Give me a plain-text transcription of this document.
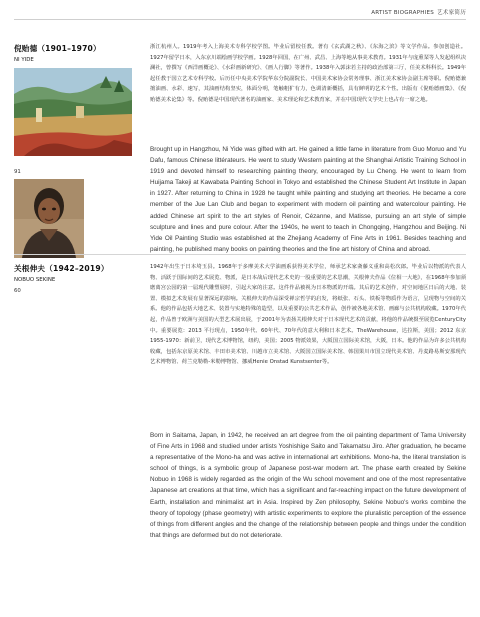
ARTIST BIOGRAPHIES 艺术家简历
倪贻德（1901–1970）
NI YIDE
91
浙江杭州人。1919年考入上海美术专科学校学图。毕业后留校任教。著有《玄武湖之秋》、《东海之滨》等文学作品。参加创造社。1927年留学日本，入东京川端绘画学校学画。1928年回国，在广州、武昌、上海等地从事美术教育。1931年与庞熏琹等人发起组织决澜社，曾撰写《西洋画概论》、《水彩画新研究》、《画人行脚》等著作。1938年入郭沫若主持的政治部第三厅，任美术科科长。1949年起任教于国立艺术专科学校。后历任中央美术学院华东分院副院长、中国美术家协会常务理事、浙江美术家协会副主席等职。倪贻德兼擅油画、水彩、速写，其油画结构坚实，体面分明，笔触粗犷有力，色调清新概括，具有鲜明的艺术个性。出版有《倪贻德画集》、《倪贻德美术论集》等。倪贻德是中国现代著名的油画家、美术理论和艺术教育家，并在中国现代文学史上也占有一席之地。
Brought up in Hangzhou, Ni Yide was gifted with art. He gained a little fame in literature from Guo Moruo and Yu Dafu, famous Chinese littérateurs. He went to study Western painting at the Shanghai Artistic Training School in 1919 and devoted himself to researching painting theory, encouraged by Lu Cheng. He went to learn from Huijama Takeji at Kawabata Painting School in Tokyo and established the Chinese Student Art Institute in Japan in 1927. After returning to China in 1928 he taught while painting and studying art theories. He became a core member of the Jue Lan Club and began to experiment with modern oil painting and watercolour painting. He added Chinese art spirit to the art styles of Renoir, Cézanne, and Matisse, pursuing an art style of simple sculpture and lines and pure colour. After the 1940s, he went to teach in Chongqing, Hangzhou and Beijing. Ni Yide Oil Painting Studio was established at the Zhejiang Academy of Fine Arts in 1961. Besides teaching and painting, he published many books on painting theories and the fine art history of China and abroad.
关根伸夫（1942–2019）
NOBUO SEKINE
60
1942年出生于日本埼玉县。1968年于多摩美术大学油画系获得美术学位，师承艺术家斋藤义重和高松次郎。毕业后以物派的代表人物、活跃于国际间的艺术展览、物派，是日本战后现代艺术史的一股重要的艺术思潮，关根伸夫作品《位相一大地》，在1968年参加须磨离宫公园的第一届现代雕塑展时，引起大家的注意。这件作品被视为日本物派的开端。其后的艺术创作，对空间地区日后的大地、装置、模拟艺术发展有显著深远的影响。关根伸夫的作品深受禅宗哲学的启发，将纸张、石头、铁板等物质作为语言，呈现物与空间的关系。他的作品包括大地艺术、装置与实地特殊的造型，以及重要的公共艺术作品，创作被各地美术馆、画廊与公共机构收藏。1970年代起，作品曾于欧洲与美国的大型艺术展出展，于2001年为表扬关根伸夫对于日本现代艺术的贡献，将他的作品统摄至展览CenturyCity中。重要展览：2013 平行现点，1950年代、60年代、70年代的意大利和日本艺术。TheWarehouse，达拉斯，美国；2012 东京1955-1970：新前卫，现代艺术博物馆，纽约，美国；2005 物派效果，大阪国立国际美术馆，大阪，日本。他的作品为许多公共机构收藏，包括东京原美术馆、丰田市美术馆、川越市立美术馆、大阪国立国际美术馆、韩国果川市国立现代美术馆、丹麦路易斯安那现代艺术博物馆、荷兰克勒勒-米勒博物馆、挪威Henie Onstad Kunstsenter等。
Born in Saitama, Japan, in 1942, he received an art degree from the oil painting department of Tama University of Fine Arts in 1968 and studied under artists Yoshishige Saito and Takamatsu Jiro. After graduation, he became a representative of the Mono-ha and was active in international art exhibitions. Mono-ha, the literal translation is school of things, is a symbolic group of Japanese post-war modern art. The phase earth created by Sekine Nobuo in 1968 is widely regarded as the origin of the Wu school movement and one of the most representative Japanese art creations at that time, which has a significant and far-reaching impact on the future development of Earth, installation and minimalist art in Asia. Inspired by Zen philosophy, Sekine Nobuo's works combine the theory of topology (phase geometry) with artistic experiments to explore the pluralistic perception of the essence of things from different angles and the change of the relationship between people and things under the condition that things are deformed but do not deteriorate.
